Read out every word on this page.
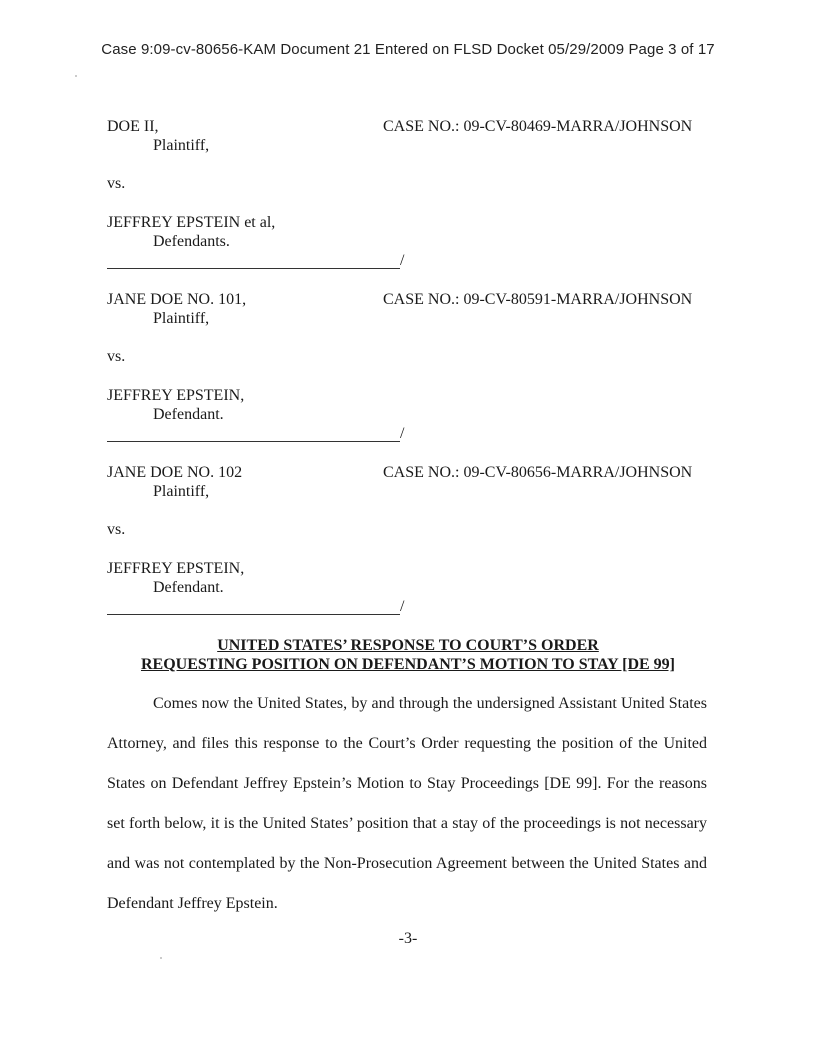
Case 9:09-cv-80656-KAM Document 21 Entered on FLSD Docket 05/29/2009 Page 3 of 17
DOE II,
Plaintiff,
CASE NO.: 09-CV-80469-MARRA/JOHNSON
vs.
JEFFREY EPSTEIN et al,
Defendants.
/
JANE DOE NO. 101,
Plaintiff,
CASE NO.: 09-CV-80591-MARRA/JOHNSON
vs.
JEFFREY EPSTEIN,
Defendant.
/
JANE DOE NO. 102
Plaintiff,
CASE NO.: 09-CV-80656-MARRA/JOHNSON
vs.
JEFFREY EPSTEIN,
Defendant.
/
UNITED STATES’ RESPONSE TO COURT’S ORDER
REQUESTING POSITION ON DEFENDANT’S MOTION TO STAY [DE 99]
Comes now the United States, by and through the undersigned Assistant United States
Attorney, and files this response to the Court’s Order requesting the position of the United
States on Defendant Jeffrey Epstein’s Motion to Stay Proceedings [DE 99]. For the reasons
set forth below, it is the United States’ position that a stay of the proceedings is not necessary
and was not contemplated by the Non-Prosecution Agreement between the United States and
Defendant Jeffrey Epstein.
-3-
